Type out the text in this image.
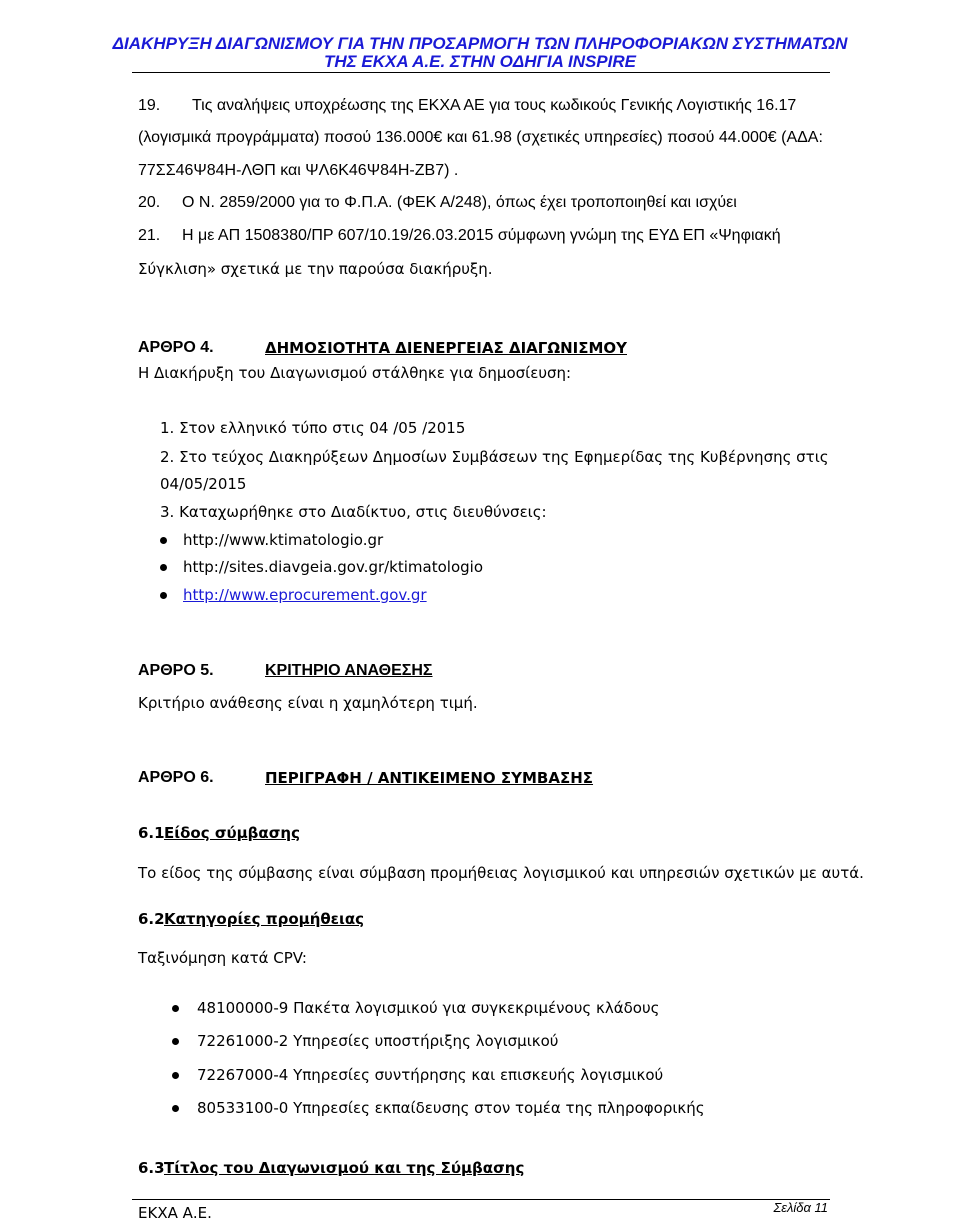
ΔΙΑΚΗΡΥΞΗ ΔΙΑΓΩΝΙΣΜΟΥ ΓΙΑ ΤΗΝ ΠΡΟΣΑΡΜΟΓΗ ΤΩΝ ΠΛΗΡΟΦΟΡΙΑΚΩΝ ΣΥΣΤΗΜΑΤΩΝ
ΤΗΣ ΕΚΧΑ Α.Ε. ΣΤΗΝ ΟΔΗΓΙΑ INSPIRE
19. Τις αναλήψεις υποχρέωσης της ΕΚΧΑ ΑΕ για τους κωδικούς Γενικής Λογιστικής 16.17
(λογισμικά προγράμματα) ποσού 136.000€ και 61.98 (σχετικές υπηρεσίες) ποσού 44.000€ (ΑΔΑ:
77ΣΣ46Ψ84Η-ΛΘΠ και ΨΛ6Κ46Ψ84Η-ΖΒ7) .
20. Ο Ν. 2859/2000 για το Φ.Π.Α. (ΦΕΚ Α/248), όπως έχει τροποποιηθεί και ισχύει
21. Η με ΑΠ 1508380/ΠΡ 607/10.19/26.03.2015 σύμφωνη γνώμη της ΕΥΔ ΕΠ «Ψηφιακή
Σύγκλιση» σχετικά με την παρούσα διακήρυξη.
ΑΡΘΡΟ 4.	ΔΗΜΟΣΙΟΤΗΤΑ ΔΙΕΝΕΡΓΕΙΑΣ ΔΙΑΓΩΝΙΣΜΟΥ
Η Διακήρυξη του Διαγωνισμού στάλθηκε για δημοσίευση:
1. Στον ελληνικό τύπο στις 04 /05 /2015
2. Στο τεύχος Διακηρύξεων Δημοσίων Συμβάσεων της Εφημερίδας της Κυβέρνησης στις
04/05/2015
3. Καταχωρήθηκε στο Διαδίκτυο, στις διευθύνσεις:
http://www.ktimatologio.gr
http://sites.diavgeia.gov.gr/ktimatologio
http://www.eprocurement.gov.gr
ΑΡΘΡΟ 5.	ΚΡΙΤΗΡΙΟ ΑΝΑΘΕΣΗΣ
Κριτήριο ανάθεσης είναι η χαμηλότερη τιμή.
ΑΡΘΡΟ 6.	ΠΕΡΙΓΡΑΦΗ / ΑΝΤΙΚΕΙΜΕΝΟ ΣΥΜΒΑΣΗΣ
6.1 Είδος σύμβασης
Το είδος της σύμβασης είναι σύμβαση προμήθειας λογισμικού και υπηρεσιών σχετικών με αυτά.
6.2 Κατηγορίες προμήθειας
Ταξινόμηση κατά CPV:
48100000-9 Πακέτα λογισμικού για συγκεκριμένους κλάδους
72261000-2 Υπηρεσίες υποστήριξης λογισμικού
72267000-4 Υπηρεσίες συντήρησης και επισκευής λογισμικού
80533100-0 Υπηρεσίες εκπαίδευσης στον τομέα της πληροφορικής
6.3 Τίτλος του Διαγωνισμού και της Σύμβασης
ΕΚΧΑ Α.Ε.	Σελίδα 11
